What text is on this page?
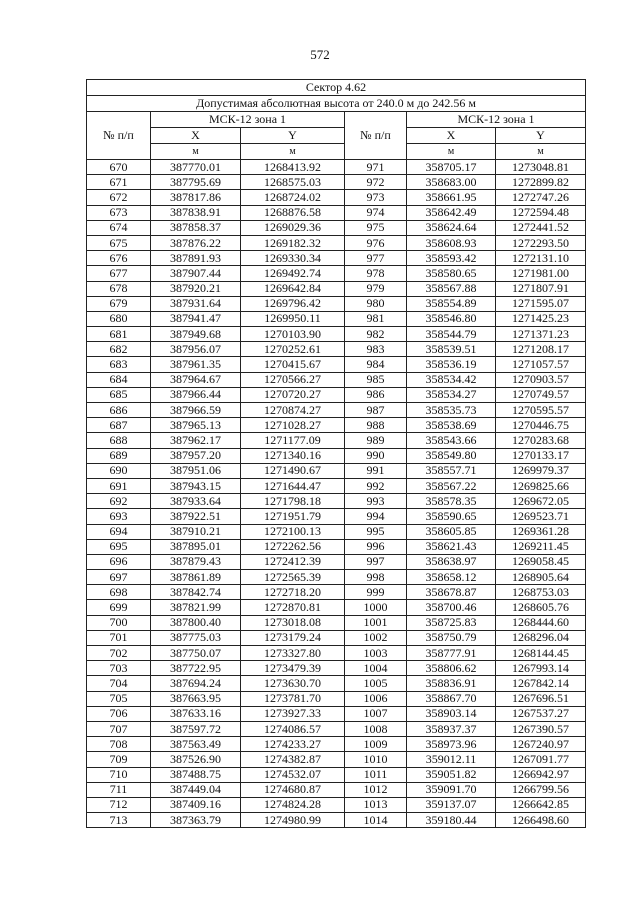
572
Сектор 4.62					
Допустимая абсолютная высота от 240.0 м до 242.56 м					
№ п/п	МСК-12 зона 1		№ п/п	МСК-12 зона 1	
	X	Y		X	Y
	м	м		м	м
670	387770.01	1268413.92	971	358705.17	1273048.81
671	387795.69	1268575.03	972	358683.00	1272899.82
672	387817.86	1268724.02	973	358661.95	1272747.26
673	387838.91	1268876.58	974	358642.49	1272594.48
674	387858.37	1269029.36	975	358624.64	1272441.52
675	387876.22	1269182.32	976	358608.93	1272293.50
676	387891.93	1269330.34	977	358593.42	1272131.10
677	387907.44	1269492.74	978	358580.65	1271981.00
678	387920.21	1269642.84	979	358567.88	1271807.91
679	387931.64	1269796.42	980	358554.89	1271595.07
680	387941.47	1269950.11	981	358546.80	1271425.23
681	387949.68	1270103.90	982	358544.79	1271371.23
682	387956.07	1270252.61	983	358539.51	1271208.17
683	387961.35	1270415.67	984	358536.19	1271057.57
684	387964.67	1270566.27	985	358534.42	1270903.57
685	387966.44	1270720.27	986	358534.27	1270749.57
686	387966.59	1270874.27	987	358535.73	1270595.57
687	387965.13	1271028.27	988	358538.69	1270446.75
688	387962.17	1271177.09	989	358543.66	1270283.68
689	387957.20	1271340.16	990	358549.80	1270133.17
690	387951.06	1271490.67	991	358557.71	1269979.37
691	387943.15	1271644.47	992	358567.22	1269825.66
692	387933.64	1271798.18	993	358578.35	1269672.05
693	387922.51	1271951.79	994	358590.65	1269523.71
694	387910.21	1272100.13	995	358605.85	1269361.28
695	387895.01	1272262.56	996	358621.43	1269211.45
696	387879.43	1272412.39	997	358638.97	1269058.45
697	387861.89	1272565.39	998	358658.12	1268905.64
698	387842.74	1272718.20	999	358678.87	1268753.03
699	387821.99	1272870.81	1000	358700.46	1268605.76
700	387800.40	1273018.08	1001	358725.83	1268444.60
701	387775.03	1273179.24	1002	358750.79	1268296.04
702	387750.07	1273327.80	1003	358777.91	1268144.45
703	387722.95	1273479.39	1004	358806.62	1267993.14
704	387694.24	1273630.70	1005	358836.91	1267842.14
705	387663.95	1273781.70	1006	358867.70	1267696.51
706	387633.16	1273927.33	1007	358903.14	1267537.27
707	387597.72	1274086.57	1008	358937.37	1267390.57
708	387563.49	1274233.27	1009	358973.96	1267240.97
709	387526.90	1274382.87	1010	359012.11	1267091.77
710	387488.75	1274532.07	1011	359051.82	1266942.97
711	387449.04	1274680.87	1012	359091.70	1266799.56
712	387409.16	1274824.28	1013	359137.07	1266642.85
713	387363.79	1274980.99	1014	359180.44	1266498.60
